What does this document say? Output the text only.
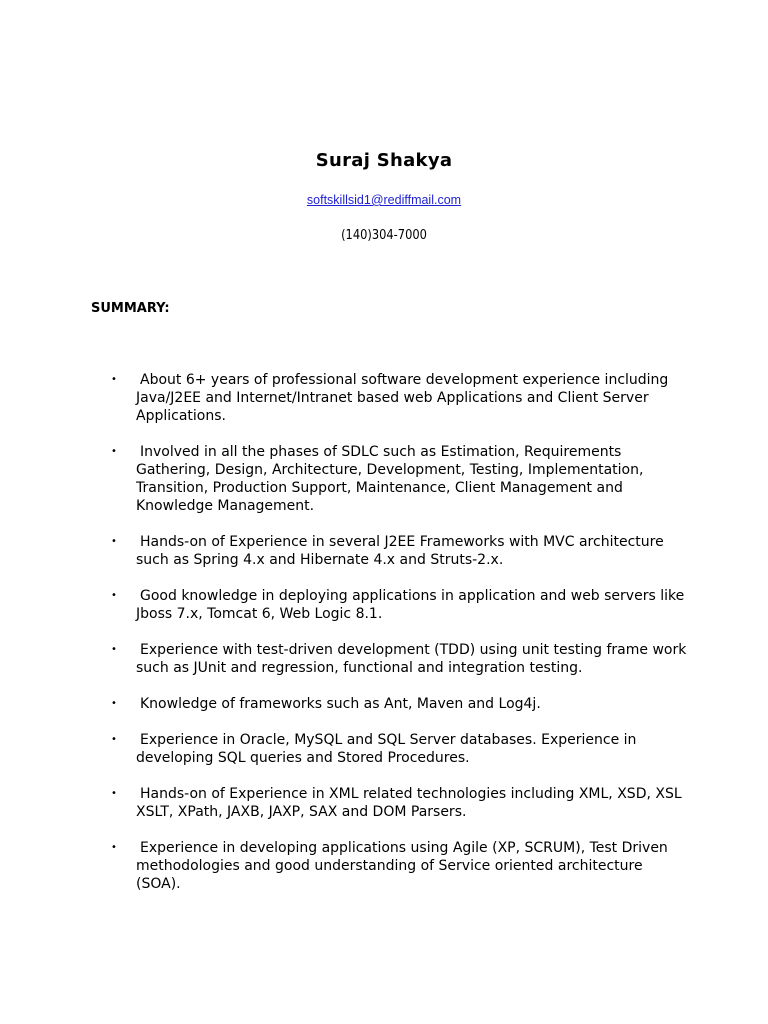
Suraj Shakya
softskillsid1@rediffmail.com
(140)304-7000
SUMMARY:
• About 6+ years of professional software development experience including Java/J2EE and Internet/Intranet based web Applications and Client Server Applications.
• Involved in all the phases of SDLC such as Estimation, Requirements Gathering, Design, Architecture, Development, Testing, Implementation, Transition, Production Support, Maintenance, Client Management and Knowledge Management.
• Hands-on of Experience in several J2EE Frameworks with MVC architecture such as Spring 4.x and Hibernate 4.x and Struts-2.x.
• Good knowledge in deploying applications in application and web servers like Jboss 7.x, Tomcat 6, Web Logic 8.1.
• Experience with test-driven development (TDD) using unit testing frame work such as JUnit and regression, functional and integration testing.
• Knowledge of frameworks such as Ant, Maven and Log4j.
• Experience in Oracle, MySQL and SQL Server databases. Experience in developing SQL queries and Stored Procedures.
• Hands-on of Experience in XML related technologies including XML, XSD, XSL XSLT, XPath, JAXB, JAXP, SAX and DOM Parsers.
• Experience in developing applications using Agile (XP, SCRUM), Test Driven methodologies and good understanding of Service oriented architecture (SOA).
